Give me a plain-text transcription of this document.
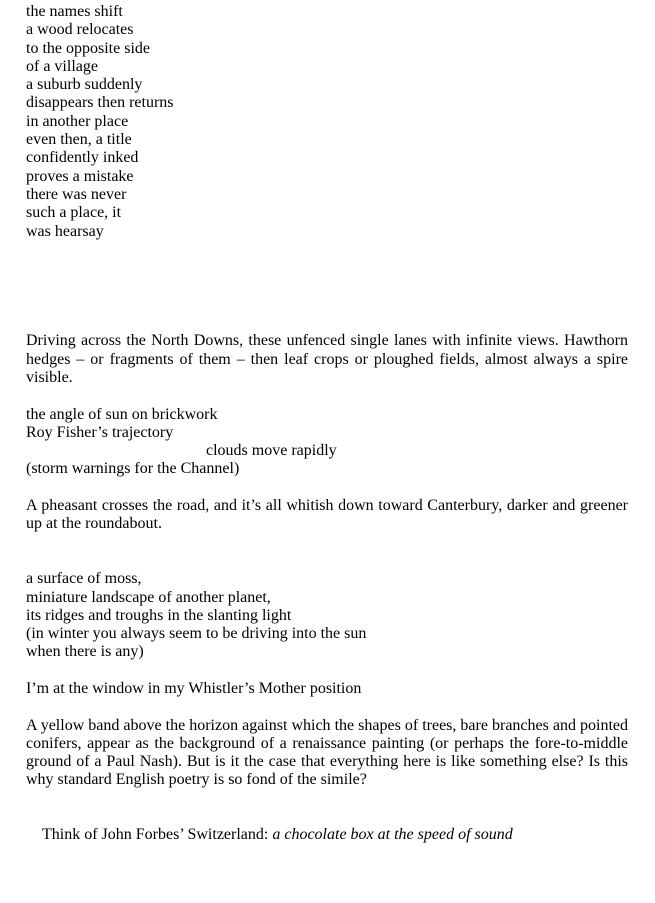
the names shift
a wood relocates
to the opposite side
of a village
a suburb suddenly
disappears then returns
in another place
even then, a title
confidently inked
proves a mistake
there was never
such a place, it
was hearsay

Driving across the North Downs, these unfenced single lanes with infinite views. Hawthorn hedges – or fragments of them – then leaf crops or ploughed fields, almost always a spire visible.

the angle of sun on brickwork
Roy Fisher’s trajectory
clouds move rapidly
(storm warnings for the Channel)

A pheasant crosses the road, and it’s all whitish down toward Canterbury, darker and greener up at the roundabout.

a surface of moss,
miniature landscape of another planet,
its ridges and troughs in the slanting light
(in winter you always seem to be driving into the sun
when there is any)
I’m at the window in my Whistler’s Mother position

A yellow band above the horizon against which the shapes of trees, bare branches and pointed conifers, appear as the background of a renaissance painting (or perhaps the fore-to-middle ground of a Paul Nash). But is it the case that everything here is like something else? Is this why standard English poetry is so fond of the simile?

Think of John Forbes’ Switzerland: a chocolate box at the speed of sound
